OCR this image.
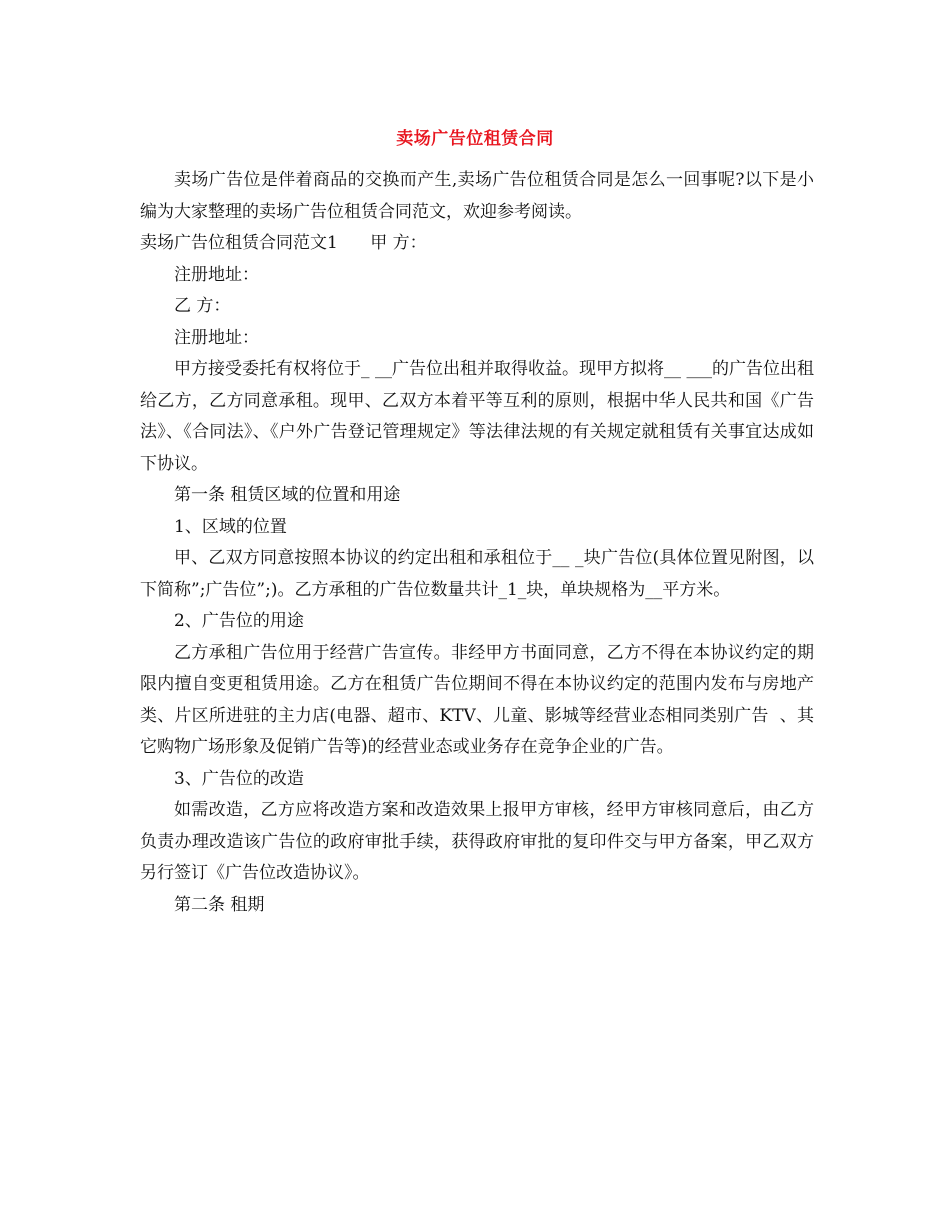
卖场广告位租赁合同

卖场广告位是伴着商品的交换而产生,卖场广告位租赁合同是怎么一回事呢?以下是小编为大家整理的卖场广告位租赁合同范文，欢迎参考阅读。

卖场广告位租赁合同范文1      甲 方：

注册地址：

乙 方：

注册地址：

甲方接受委托有权将位于_ __广告位出租并取得收益。现甲方拟将__ ___的广告位出租给乙方，乙方同意承租。现甲、乙双方本着平等互利的原则，根据中华人民共和国《广告法》、《合同法》、《户外广告登记管理规定》等法律法规的有关规定就租赁有关事宜达成如下协议。

第一条 租赁区域的位置和用途

1、区域的位置

甲、乙双方同意按照本协议的约定出租和承租位于__ _块广告位(具体位置见附图，以下简称”;广告位”;)。乙方承租的广告位数量共计_1_块，单块规格为__平方米。

2、广告位的用途

乙方承租广告位用于经营广告宣传。非经甲方书面同意，乙方不得在本协议约定的期限内擅自变更租赁用途。乙方在租赁广告位期间不得在本协议约定的范围内发布与房地产类、片区所进驻的主力店(电器、超市、KTV、儿童、影城等经营业态相同类别广告  、其它购物广场形象及促销广告等)的经营业态或业务存在竞争企业的广告。

3、广告位的改造

如需改造，乙方应将改造方案和改造效果上报甲方审核，经甲方审核同意后，由乙方负责办理改造该广告位的政府审批手续，获得政府审批的复印件交与甲方备案，甲乙双方另行签订《广告位改造协议》。

第二条 租期
